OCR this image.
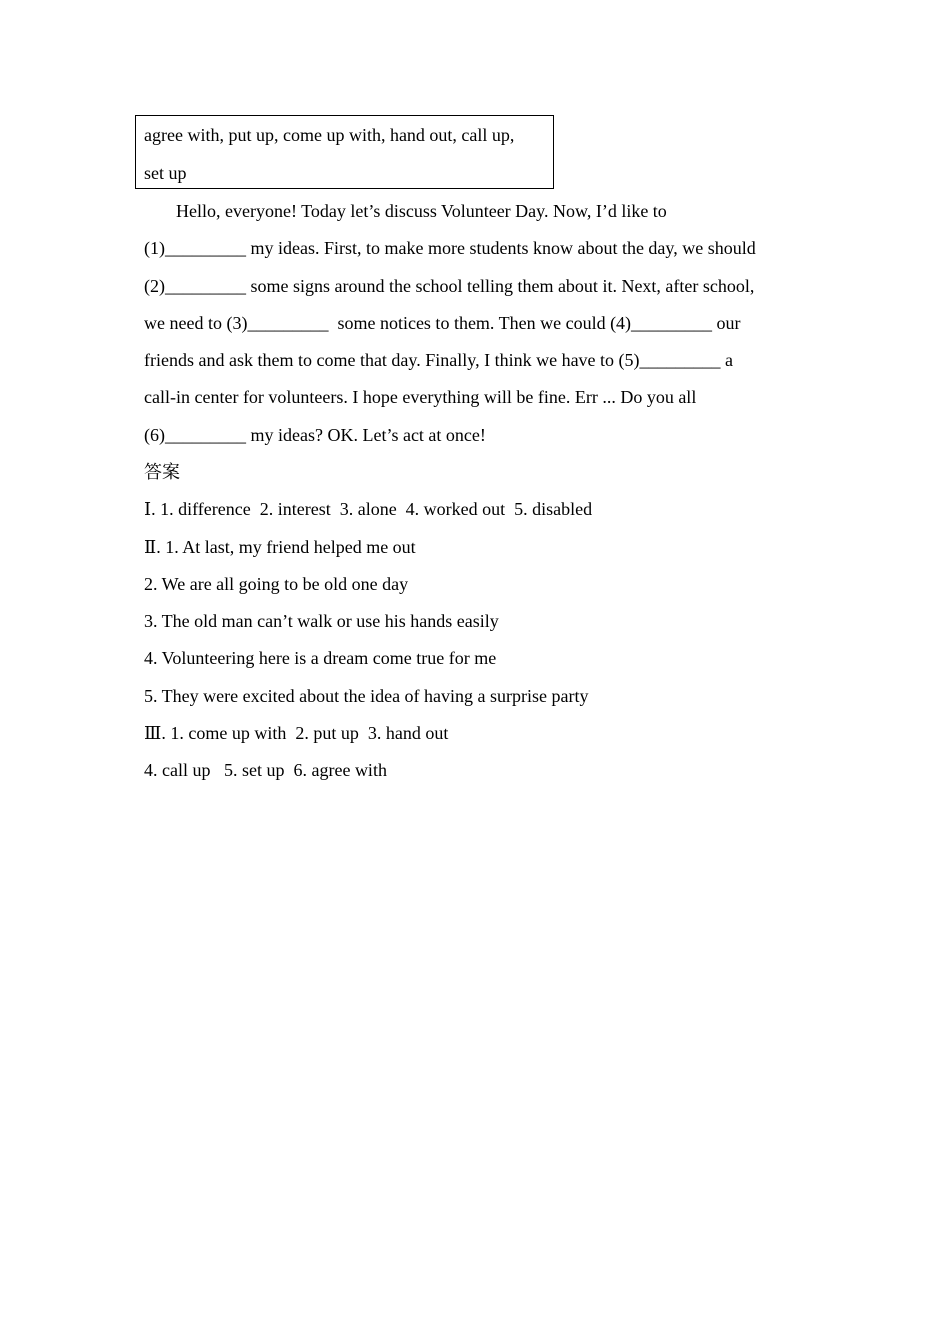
agree with, put up, come up with, hand out, call up,
set up
Hello, everyone! Today let’s discuss Volunteer Day. Now, I’d like to
(1)_________ my ideas. First, to make more students know about the day, we should
(2)_________ some signs around the school telling them about it. Next, after school,
we need to (3)_________  some notices to them. Then we could (4)_________ our
friends and ask them to come that day. Finally, I think we have to (5)_________ a
call-in center for volunteers. I hope everything will be fine. Err ... Do you all
(6)_________ my ideas? OK. Let’s act at once!
答案
Ⅰ. 1. difference  2. interest  3. alone  4. worked out  5. disabled
Ⅱ. 1. At last, my friend helped me out
2. We are all going to be old one day
3. The old man can’t walk or use his hands easily
4. Volunteering here is a dream come true for me
5. They were excited about the idea of having a surprise party
Ⅲ. 1. come up with  2. put up  3. hand out
4. call up   5. set up  6. agree with
